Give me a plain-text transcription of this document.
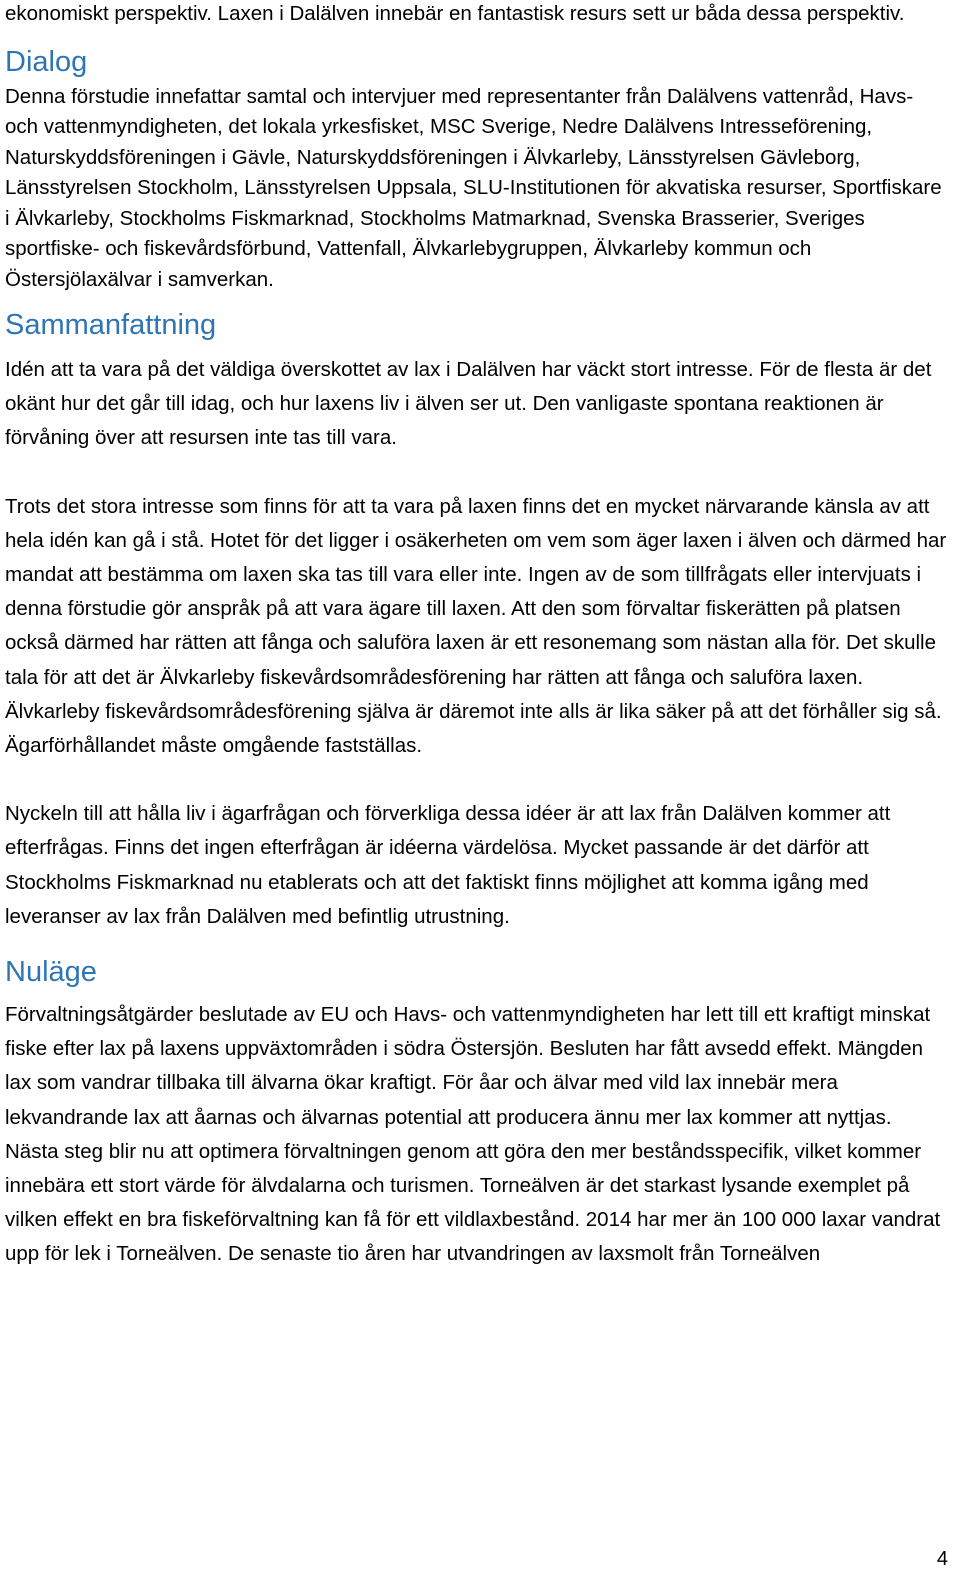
ekonomiskt perspektiv. Laxen i Dalälven innebär en fantastisk resurs sett ur båda dessa perspektiv.

Dialog

Denna förstudie innefattar samtal och intervjuer med representanter från Dalälvens vattenråd, Havs- och vattenmyndigheten, det lokala yrkesfisket, MSC Sverige, Nedre Dalälvens Intresseförening, Naturskyddsföreningen i Gävle, Naturskyddsföreningen i Älvkarleby, Länsstyrelsen Gävleborg, Länsstyrelsen Stockholm, Länsstyrelsen Uppsala, SLU-Institutionen för akvatiska resurser, Sportfiskare i Älvkarleby, Stockholms Fiskmarknad, Stockholms Matmarknad, Svenska Brasserier, Sveriges sportfiske- och fiskevårdsförbund, Vattenfall, Älvkarlebygruppen, Älvkarleby kommun och Östersjölaxälvar i samverkan.

Sammanfattning

Idén att ta vara på det väldiga överskottet av lax i Dalälven har väckt stort intresse. För de flesta är det okänt hur det går till idag, och hur laxens liv i älven ser ut. Den vanligaste spontana reaktionen är förvåning över att resursen inte tas till vara.

Trots det stora intresse som finns för att ta vara på laxen finns det en mycket närvarande känsla av att hela idén kan gå i stå. Hotet för det ligger i osäkerheten om vem som äger laxen i älven och därmed har mandat att bestämma om laxen ska tas till vara eller inte. Ingen av de som tillfrågats eller intervjuats i denna förstudie gör anspråk på att vara ägare till laxen. Att den som förvaltar fiskerätten på platsen också därmed har rätten att fånga och saluföra laxen är ett resonemang som nästan alla för. Det skulle tala för att det är Älvkarleby fiskevårdsområdesförening har rätten att fånga och saluföra laxen. Älvkarleby fiskevårdsområdesförening själva är däremot inte alls är lika säker på att det förhåller sig så. Ägarförhållandet måste omgående fastställas.

Nyckeln till att hålla liv i ägarfrågan och förverkliga dessa idéer är att lax från Dalälven kommer att efterfrågas. Finns det ingen efterfrågan är idéerna värdelösa. Mycket passande är det därför att Stockholms Fiskmarknad nu etablerats och att det faktiskt finns möjlighet att komma igång med leveranser av lax från Dalälven med befintlig utrustning.

Nuläge

Förvaltningsåtgärder beslutade av EU och Havs- och vattenmyndigheten har lett till ett kraftigt minskat fiske efter lax på laxens uppväxtområden i södra Östersjön. Besluten har fått avsedd effekt. Mängden lax som vandrar tillbaka till älvarna ökar kraftigt. För åar och älvar med vild lax innebär mera lekvandrande lax att åarnas och älvarnas potential att producera ännu mer lax kommer att nyttjas. Nästa steg blir nu att optimera förvaltningen genom att göra den mer beståndsspecifik, vilket kommer innebära ett stort värde för älvdalarna och turismen. Torneälven är det starkast lysande exemplet på vilken effekt en bra fiskeförvaltning kan få för ett vildlaxbestånd. 2014 har mer än 100 000 laxar vandrat upp för lek i Torneälven. De senaste tio åren har utvandringen av laxsmolt från Torneälven

4
